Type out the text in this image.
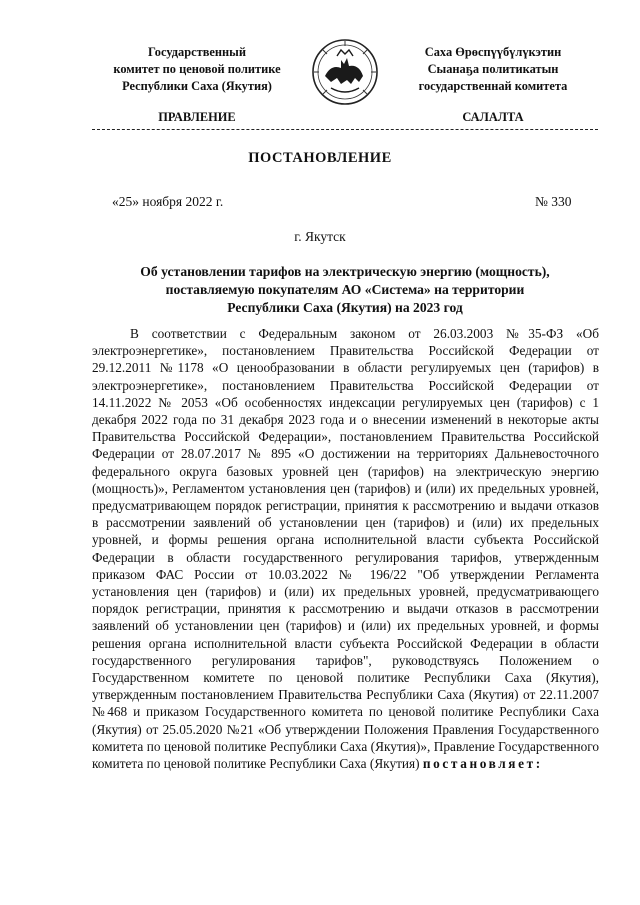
Государственный
комитет по ценовой политике
Республики Саха (Якутия)
Саха Өрөспүүбүлүкэтин
Сыанаҕа политикатын
государственнай комитета
ПРАВЛЕНИЕ	САЛАЛТА
ПОСТАНОВЛЕНИЕ
«25» ноября 2022 г.	№ 330
г. Якутск
Об установлении тарифов на электрическую энергию (мощность),
поставляемую покупателям АО «Система» на территории
Республики Саха (Якутия) на 2023 год

В соответствии с Федеральным законом от 26.03.2003 №35-ФЗ «Об электроэнергетике», постановлением Правительства Российской Федерации от 29.12.2011 №1178 «О ценообразовании в области регулируемых цен (тарифов) в электроэнергетике», постановлением Правительства Российской Федерации от 14.11.2022 № 2053 «Об особенностях индексации регулируемых цен (тарифов) с 1 декабря 2022 года по 31 декабря 2023 года и о внесении изменений в некоторые акты Правительства Российской Федерации», постановлением Правительства Российской Федерации от 28.07.2017 № 895 «О достижении на территориях Дальневосточного федерального округа базовых уровней цен (тарифов) на электрическую энергию (мощность)», Регламентом установления цен (тарифов) и (или) их предельных уровней, предусматривающем порядок регистрации, принятия к рассмотрению и выдачи отказов в рассмотрении заявлений об установлении цен (тарифов) и (или) их предельных уровней, и формы решения органа исполнительной власти субъекта Российской Федерации в области государственного регулирования тарифов, утвержденным приказом ФАС России от 10.03.2022 № 196/22 "Об утверждении Регламента установления цен (тарифов) и (или) их предельных уровней, предусматривающего порядок регистрации, принятия к рассмотрению и выдачи отказов в рассмотрении заявлений об установлении цен (тарифов) и (или) их предельных уровней, и формы решения органа исполнительной власти субъекта Российской Федерации в области государственного регулирования тарифов", руководствуясь Положением о Государственном комитете по ценовой политике Республики Саха (Якутия), утвержденным постановлением Правительства Республики Саха (Якутия) от 22.11.2007 №468 и приказом Государственного комитета по ценовой политике Республики Саха (Якутия) от 25.05.2020 №21 «Об утверждении Положения Правления Государственного комитета по ценовой политике Республики Саха (Якутия)», Правление Государственного комитета по ценовой политике Республики Саха (Якутия) постановляет:
